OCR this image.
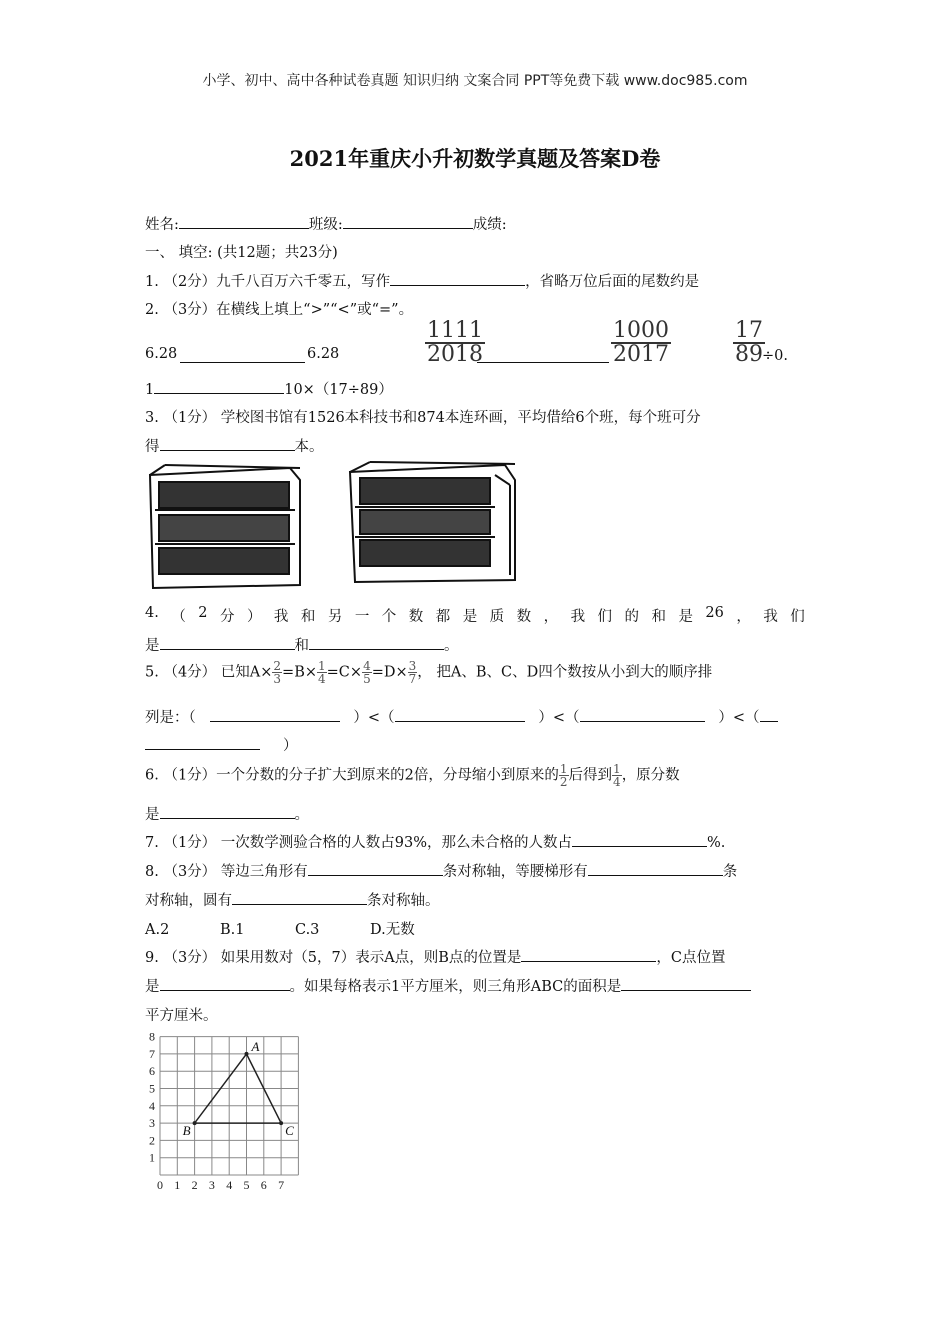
小学、初中、高中各种试卷真题 知识归纳 文案合同 PPT等免费下载 www.doc985.com
2021年重庆小升初数学真题及答案D卷
姓名:	班级:	成绩:
一、 填空: (共12题；共23分)
1. （2分）九千八百万六千零五，写作	，省略万位后面的尾数约是
2. （3分）在横线上填上“>”“<”或“=”。
6.28	6.28	$\frac{1111}{2018}$	$\frac{1000}{2017}$	$\frac{17}{89}$
÷0.
1	10×（17÷89）
3. （1分） 学校图书馆有1526本科技书和874本连环画，平均借给6个班，每个班可分
得	本。
4. （ 2 分 ） 我 和 另 一 个 数 都 是 质 数 ， 我 们 的 和 是 26 ， 我 们
是	和	。
5. （4分） 已知$A\times \frac{2}{3} =B\times \frac{1}{4} =C\times \frac{4}{5} =D\times \frac{3}{7}$ ， 把A、B、C、D四个数按从小到大的顺序排
列是：（	）<（	）<（	）<（
）
6. （1分）一个分数的分子扩大到原来的2倍，分母缩小到原来的 $\frac{1}{2}$ 后得到 $\frac{1}{4}$ ，原分数
是	。
7. （1分） 一次数学测验合格的人数占93%，那么未合格的人数占	%.
8. （3分） 等边三角形有	条对称轴，等腰梯形有	条
对称轴，圆有	条对称轴。
A.2	B.1	C.3	D.无数
9. （3分） 如果用数对（5，7）表示A点，则B点的位置是	，C点位置
是	。如果每格表示1平方厘米，则三角形ABC的面积是
平方厘米。
8
7
6
5
4
3
2
1
0 1 2 3 4 5 6 7
A
B	C
